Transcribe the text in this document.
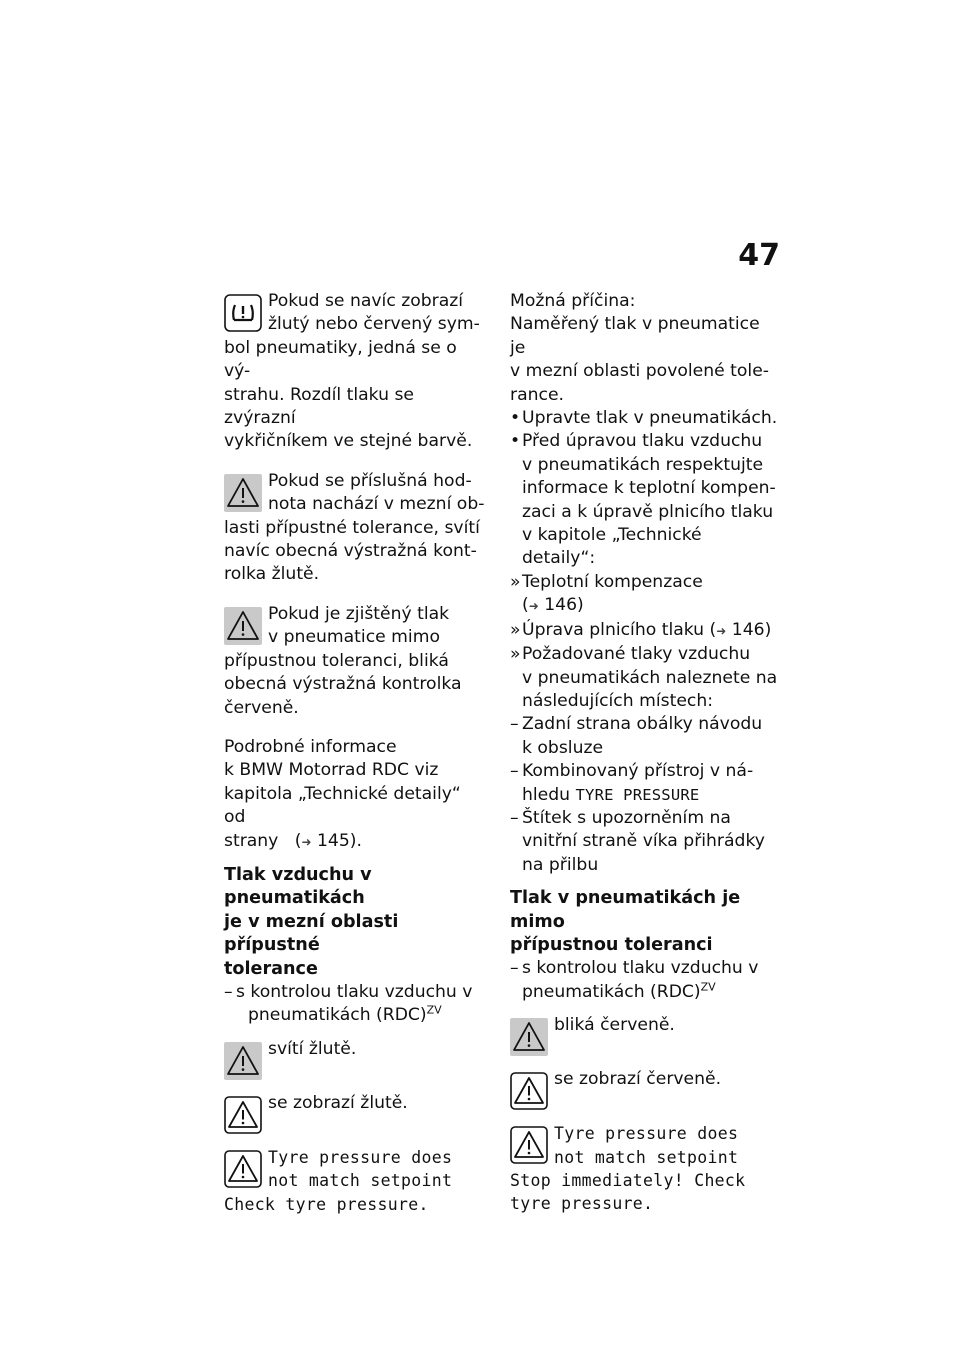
47
Pokud se navíc zobrazí
žlutý nebo červený sym-
bol pneumatiky, jedná se o vý-
strahu. Rozdíl tlaku se zvýrazní
vykřičníkem ve stejné barvě.
Pokud se příslušná hod-
nota nachází v mezní ob-
lasti přípustné tolerance, svítí
navíc obecná výstražná kont-
rolka žlutě.
Pokud je zjištěný tlak
v pneumatice mimo
přípustnou toleranci, bliká
obecná výstražná kontrolka
červeně.
Podrobné informace
k BMW Motorrad RDC viz
kapitola „Technické detaily“ od
strany (➜ 145).
Tlak vzduchu v pneumatikách
je v mezní oblasti přípustné
tolerance
– s kontrolou tlaku vzduchu v
pneumatikách (RDC)$^{ZV}$
svítí žlutě.
se zobrazí žlutě.
Tyre pressure does
not match setpoint
Check tyre pressure.
Možná příčina:
Naměřený tlak v pneumatice je
v mezní oblasti povolené tole-
rance.
• Upravte tlak v pneumatikách.
• Před úpravou tlaku vzduchu
v pneumatikách respektujte
informace k teplotní kompen-
zaci a k úpravě plnicího tlaku
v kapitole „Technické detaily“:
» Teplotní kompenzace
(➜ 146)
» Úprava plnicího tlaku (➜ 146)
» Požadované tlaky vzduchu
v pneumatikách naleznete na
následujících místech:
– Zadní strana obálky návodu
k obsluze
– Kombinovaný přístroj v ná-
hledu TYRE PRESSURE
– Štítek s upozorněním na
vnitřní straně víka přihrádky
na přilbu
Tlak v pneumatikách je mimo
přípustnou toleranci
– s kontrolou tlaku vzduchu v
pneumatikách (RDC)$^{ZV}$
bliká červeně.
se zobrazí červeně.
Tyre pressure does
not match setpoint
Stop immediately! Check
tyre pressure.
